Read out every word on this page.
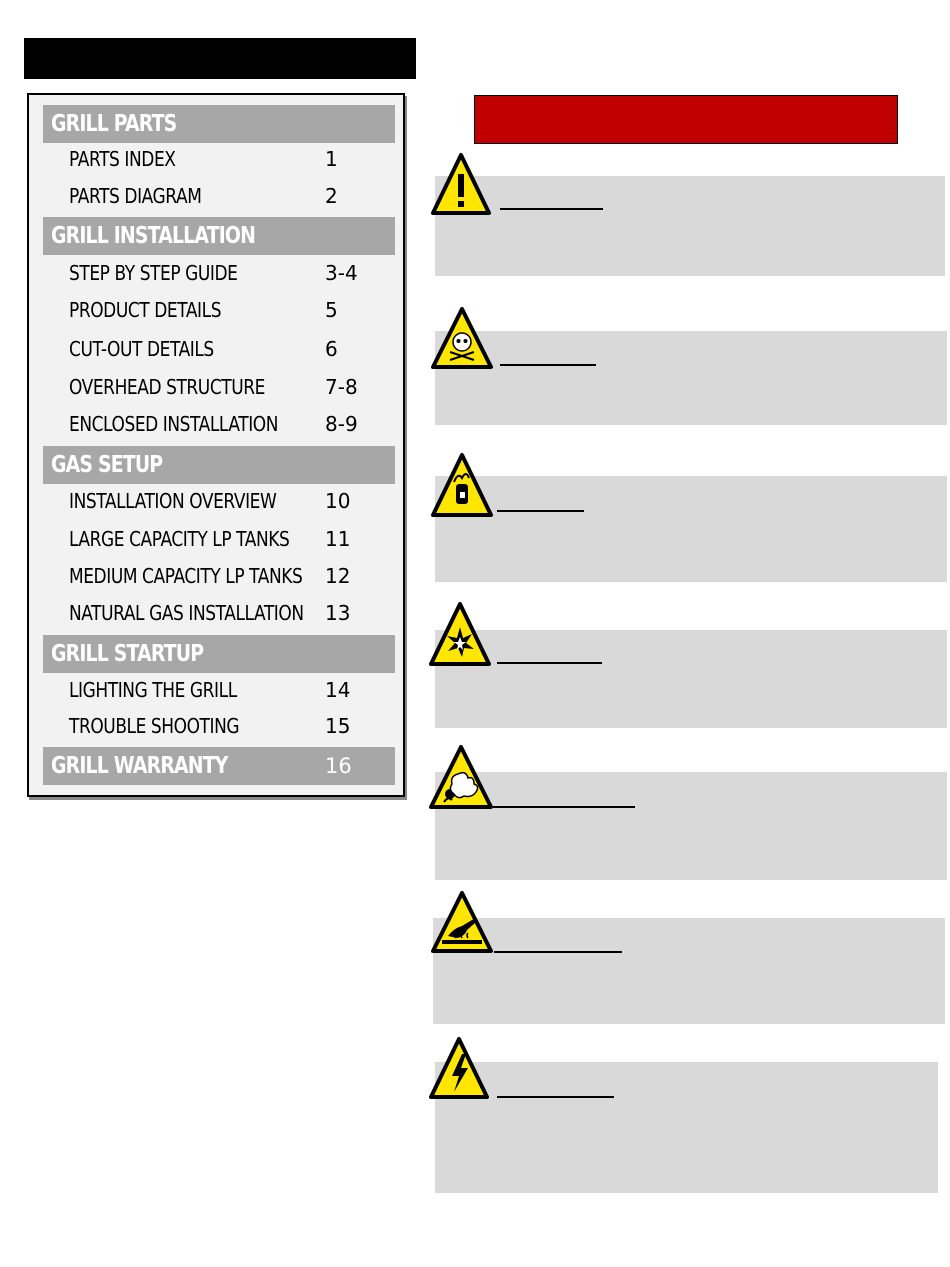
GRILL PARTS
PARTS INDEX	1
PARTS DIAGRAM	2
GRILL INSTALLATION
STEP BY STEP GUIDE	3-4
PRODUCT DETAILS	5
CUT-OUT DETAILS	6
OVERHEAD STRUCTURE	7-8
ENCLOSED INSTALLATION 8-9
GAS SETUP
INSTALLATION OVERVIEW 10
LARGE CAPACITY LP TANKS 11
MEDIUM CAPACITY LP TANKS 12
NATURAL GAS INSTALLATION 13
GRILL STARTUP
LIGHTING THE GRILL	14
TROUBLE SHOOTING	15
GRILL WARRANTY	16
